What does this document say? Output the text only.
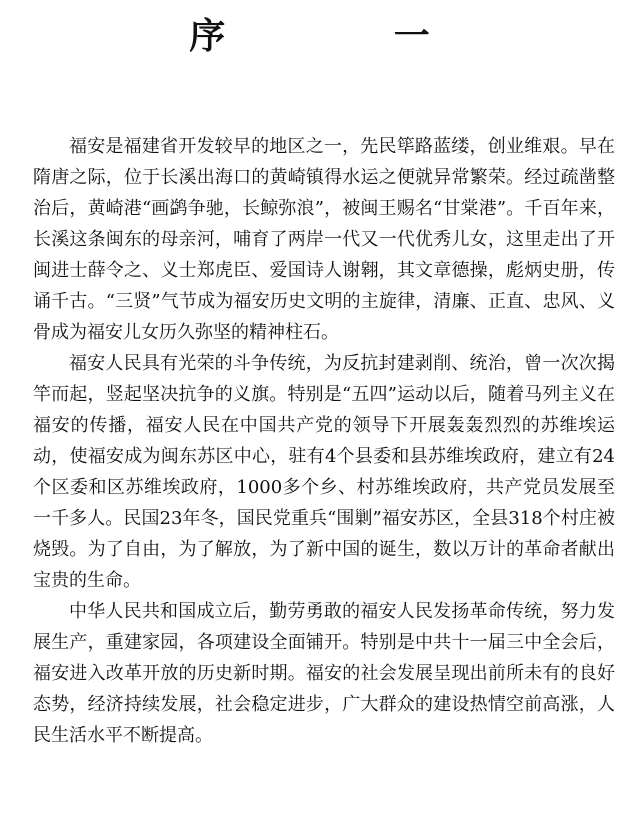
序 一

福安是福建省开发较早的地区之一，先民筚路蓝缕，创业维艰。早在隋唐之际，位于长溪出海口的黄崎镇得水运之便就异常繁荣。经过疏凿整治后，黄崎港“画鹢争驰，长鲸弥浪”，被闽王赐名“甘棠港”。千百年来，长溪这条闽东的母亲河，哺育了两岸一代又一代优秀儿女，这里走出了开闽进士薛令之、义士郑虎臣、爱国诗人谢翱，其文章德操，彪炳史册，传诵千古。“三贤”气节成为福安历史文明的主旋律，清廉、正直、忠风、义骨成为福安儿女历久弥坚的精神柱石。

福安人民具有光荣的斗争传统，为反抗封建剥削、统治，曾一次次揭竿而起，竖起坚决抗争的义旗。特别是“五四”运动以后，随着马列主义在福安的传播，福安人民在中国共产党的领导下开展轰轰烈烈的苏维埃运动，使福安成为闽东苏区中心，驻有4个县委和县苏维埃政府，建立有24个区委和区苏维埃政府，1000多个乡、村苏维埃政府，共产党员发展至一千多人。民国23年冬，国民党重兵“围剿”福安苏区，全县318个村庄被烧毁。为了自由，为了解放，为了新中国的诞生，数以万计的革命者献出宝贵的生命。

中华人民共和国成立后，勤劳勇敢的福安人民发扬革命传统，努力发展生产，重建家园，各项建设全面铺开。特别是中共十一届三中全会后，福安进入改革开放的历史新时期。福安的社会发展呈现出前所未有的良好态势，经济持续发展，社会稳定进步，广大群众的建设热情空前高涨，人民生活水平不断提高。
